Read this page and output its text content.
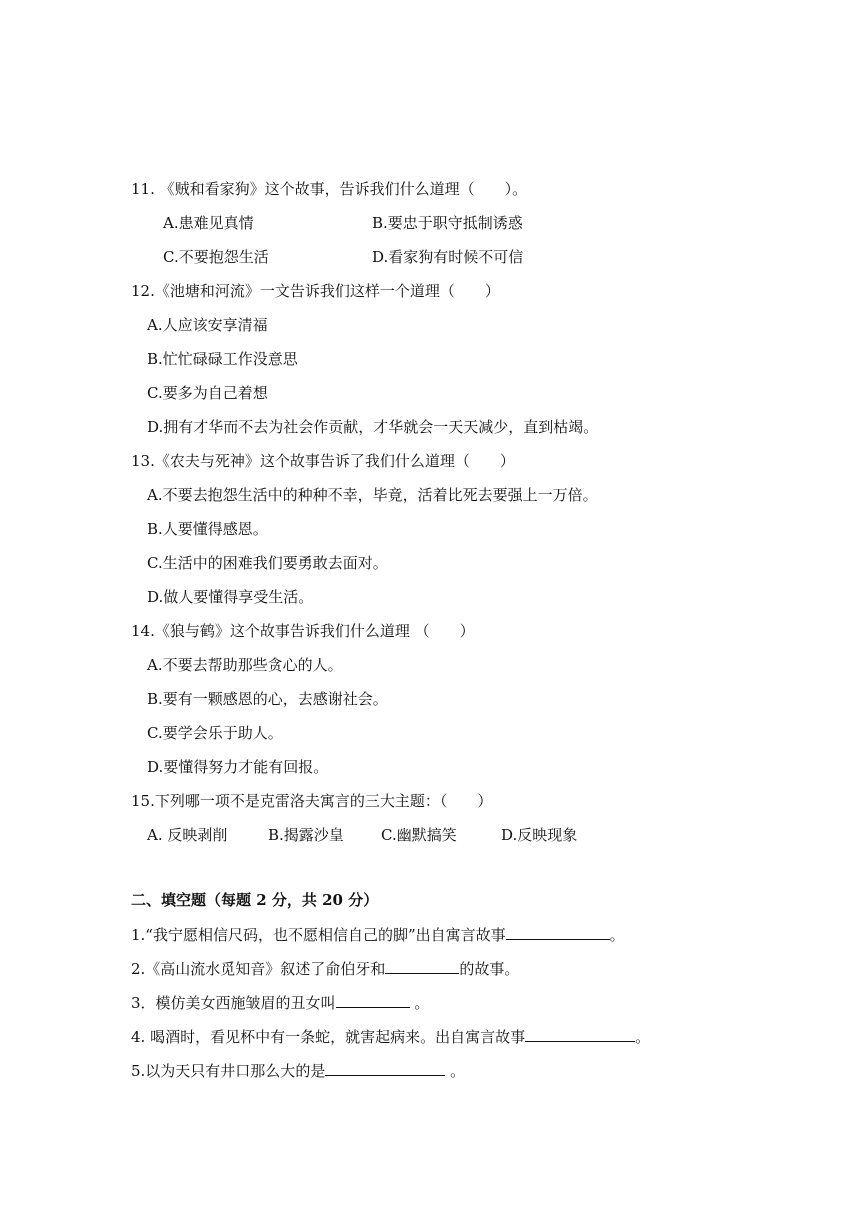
11. 《贼和看家狗》这个故事，告诉我们什么道理（　　）。
A.患难见真情	B.要忠于职守抵制诱惑
C.不要抱怨生活	D.看家狗有时候不可信
12.《池塘和河流》一文告诉我们这样一个道理（　　）
A.人应该安享清福
B.忙忙碌碌工作没意思
C.要多为自己着想
D.拥有才华而不去为社会作贡献，才华就会一天天减少，直到枯竭。
13.《农夫与死神》这个故事告诉了我们什么道理（　　）
A.不要去抱怨生活中的种种不幸，毕竟，活着比死去要强上一万倍。
B.人要懂得感恩。
C.生活中的困难我们要勇敢去面对。
D.做人要懂得享受生活。
14.《狼与鹤》这个故事告诉我们什么道理 （　　）
A.不要去帮助那些贪心的人。
B.要有一颗感恩的心，去感谢社会。
C.要学会乐于助人。
D.要懂得努力才能有回报。
15.下列哪一项不是克雷洛夫寓言的三大主题：（　　）
A. 反映剥削	B.揭露沙皇 C.幽默搞笑	D.反映现象
二、填空题（每题 2 分，共 20 分）
1.“我宁愿相信尺码，也不愿相信自己的脚”出自寓言故事	。
2.《高山流水觅知音》叙述了俞伯牙和	的故事。
3．模仿美女西施皱眉的丑女叫	。
4. 喝酒时，看见杯中有一条蛇，就害起病来。出自寓言故事	。
5.以为天只有井口那么大的是	。
